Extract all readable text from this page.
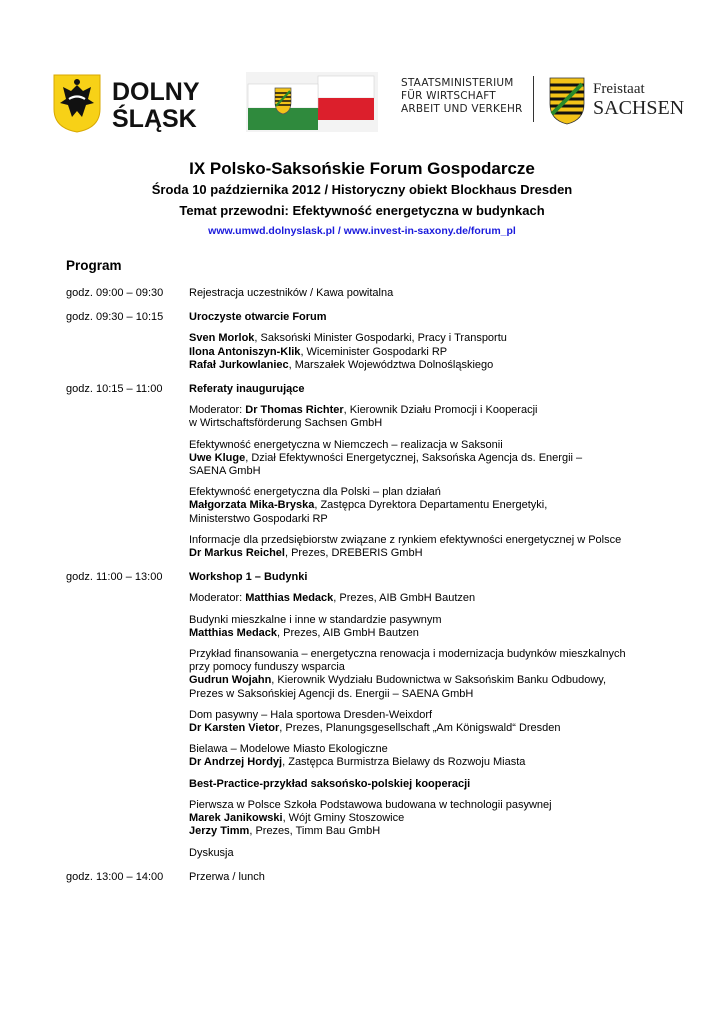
DOLNY
ŚLĄSK
STAATSMINISTERIUM
FÜR WIRTSCHAFT
ARBEIT UND VERKEHR
Freistaat
SACHSEN
IX Polsko-Saksońskie Forum Gospodarcze
Środa 10 października 2012 / Historyczny obiekt Blockhaus Dresden
Temat przewodni: Efektywność energetyczna w budynkach
www.umwd.dolnyslask.pl / www.invest-in-saxony.de/forum_pl
Program
godz. 09:00 – 09:30	Rejestracja uczestników / Kawa powitalna
godz. 09:30 – 10:15	Uroczyste otwarcie Forum
Sven Morlok, Saksoński Minister Gospodarki, Pracy i Transportu
Ilona Antoniszyn-Klik, Wiceminister Gospodarki RP
Rafał Jurkowlaniec, Marszałek Województwa Dolnośląskiego
godz. 10:15 – 11:00	Referaty inaugurujące
Moderator: Dr Thomas Richter, Kierownik Działu Promocji i Kooperacji
w Wirtschaftsförderung Sachsen GmbH
Efektywność energetyczna w Niemczech – realizacja w Saksonii
Uwe Kluge, Dział Efektywności Energetycznej, Saksońska Agencja ds. Energii –
SAENA GmbH
Efektywność energetyczna dla Polski – plan działań
Małgorzata Mika-Bryska, Zastępca Dyrektora Departamentu Energetyki,
Ministerstwo Gospodarki RP
Informacje dla przedsiębiorstw związane z rynkiem efektywności energetycznej w Polsce
Dr Markus Reichel, Prezes, DREBERIS GmbH
godz. 11:00 – 13:00	Workshop 1 – Budynki
Moderator: Matthias Medack, Prezes, AIB GmbH Bautzen
Budynki mieszkalne i inne w standardzie pasywnym
Matthias Medack, Prezes, AIB GmbH Bautzen
Przykład finansowania – energetyczna renowacja i modernizacja budynków mieszkalnych
przy pomocy funduszy wsparcia
Gudrun Wojahn, Kierownik Wydziału Budownictwa w Saksońskim Banku Odbudowy,
Prezes w Saksońskiej Agencji ds. Energii – SAENA GmbH
Dom pasywny – Hala sportowa Dresden-Weixdorf
Dr Karsten Vietor, Prezes, Planungsgesellschaft „Am Königswald“ Dresden
Bielawa – Modelowe Miasto Ekologiczne
Dr Andrzej Hordyj, Zastępca Burmistrza Bielawy ds Rozwoju Miasta
Best-Practice-przykład saksońsko-polskiej kooperacji
Pierwsza w Polsce Szkoła Podstawowa budowana w technologii pasywnej
Marek Janikowski, Wójt Gminy Stoszowice
Jerzy Timm, Prezes, Timm Bau GmbH
Dyskusja
godz. 13:00 – 14:00	Przerwa / lunch
